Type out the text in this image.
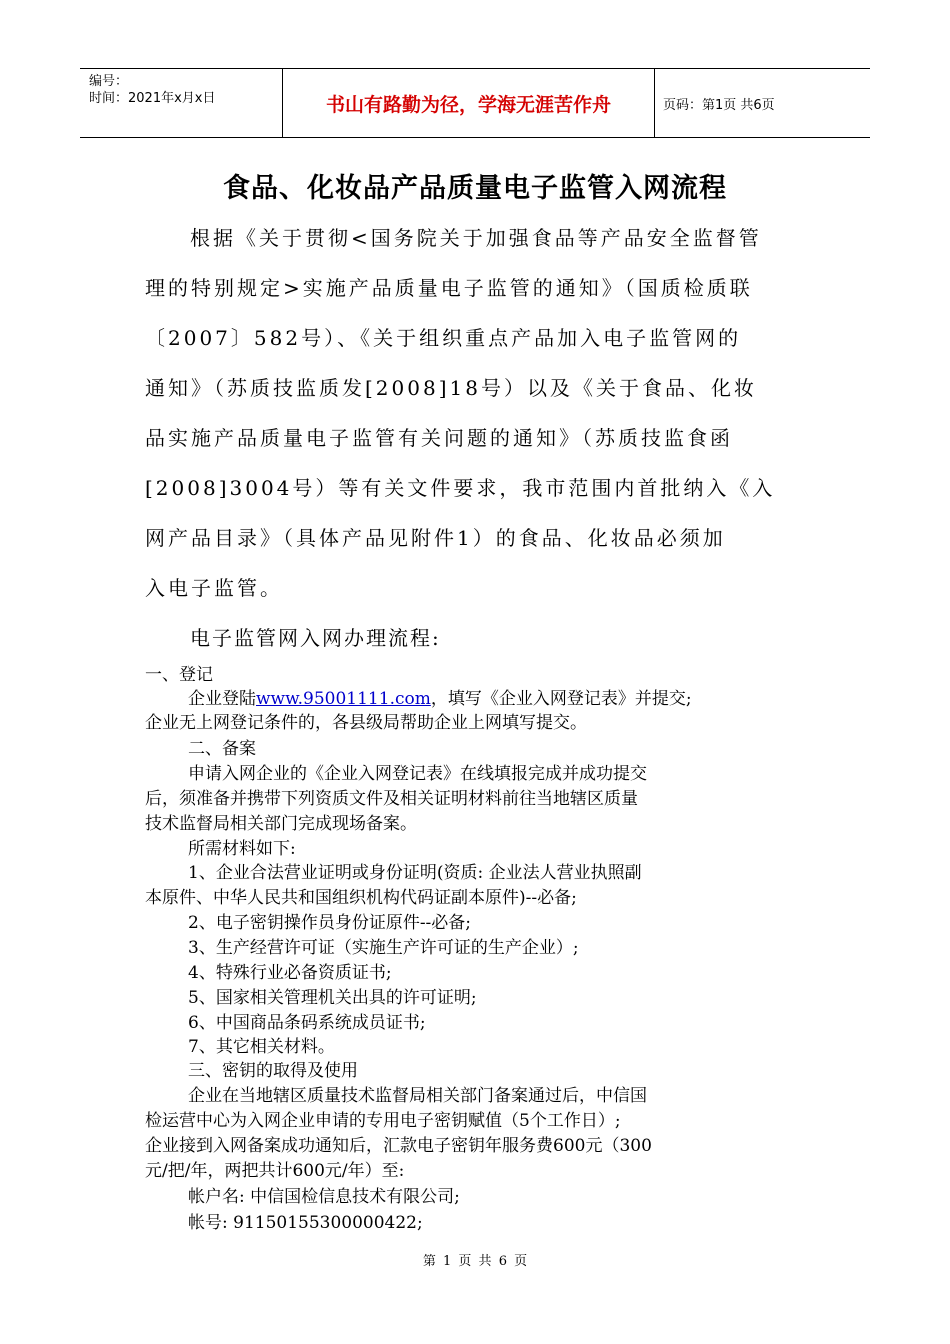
编号：
时间：2021年x月x日	书山有路勤为径，学海无涯苦作舟	页码：第1页 共6页
食品、化妆品产品质量电子监管入网流程
根据《关于贯彻<国务院关于加强食品等产品安全监督管
理的特别规定>实施产品质量电子监管的通知》（国质检质联
〔2007〕582号）、《关于组织重点产品加入电子监管网的
通知》（苏质技监质发[2008]18号）以及《关于食品、化妆
品实施产品质量电子监管有关问题的通知》（苏质技监食函
[2008]3004号）等有关文件要求，我市范围内首批纳入《入
网产品目录》（具体产品见附件1）的食品、化妆品必须加
入电子监管。
电子监管网入网办理流程:
一、登记
企业登陆www.95001111.com，填写《企业入网登记表》并提交;
企业无上网登记条件的，各县级局帮助企业上网填写提交。
二、备案
申请入网企业的《企业入网登记表》在线填报完成并成功提交
后，须准备并携带下列资质文件及相关证明材料前往当地辖区质量
技术监督局相关部门完成现场备案。
所需材料如下:
1、企业合法营业证明或身份证明(资质: 企业法人营业执照副
本原件、中华人民共和国组织机构代码证副本原件)--必备;
2、电子密钥操作员身份证原件--必备;
3、生产经营许可证（实施生产许可证的生产企业）;
4、特殊行业必备资质证书;
5、国家相关管理机关出具的许可证明;
6、中国商品条码系统成员证书;
7、其它相关材料。
三、密钥的取得及使用
企业在当地辖区质量技术监督局相关部门备案通过后，中信国
检运营中心为入网企业申请的专用电子密钥赋值（5个工作日）;
企业接到入网备案成功通知后，汇款电子密钥年服务费600元（300
元/把/年，两把共计600元/年）至:
帐户名: 中信国检信息技术有限公司;
帐号: 91150155300000422;
第 1 页 共 6 页
